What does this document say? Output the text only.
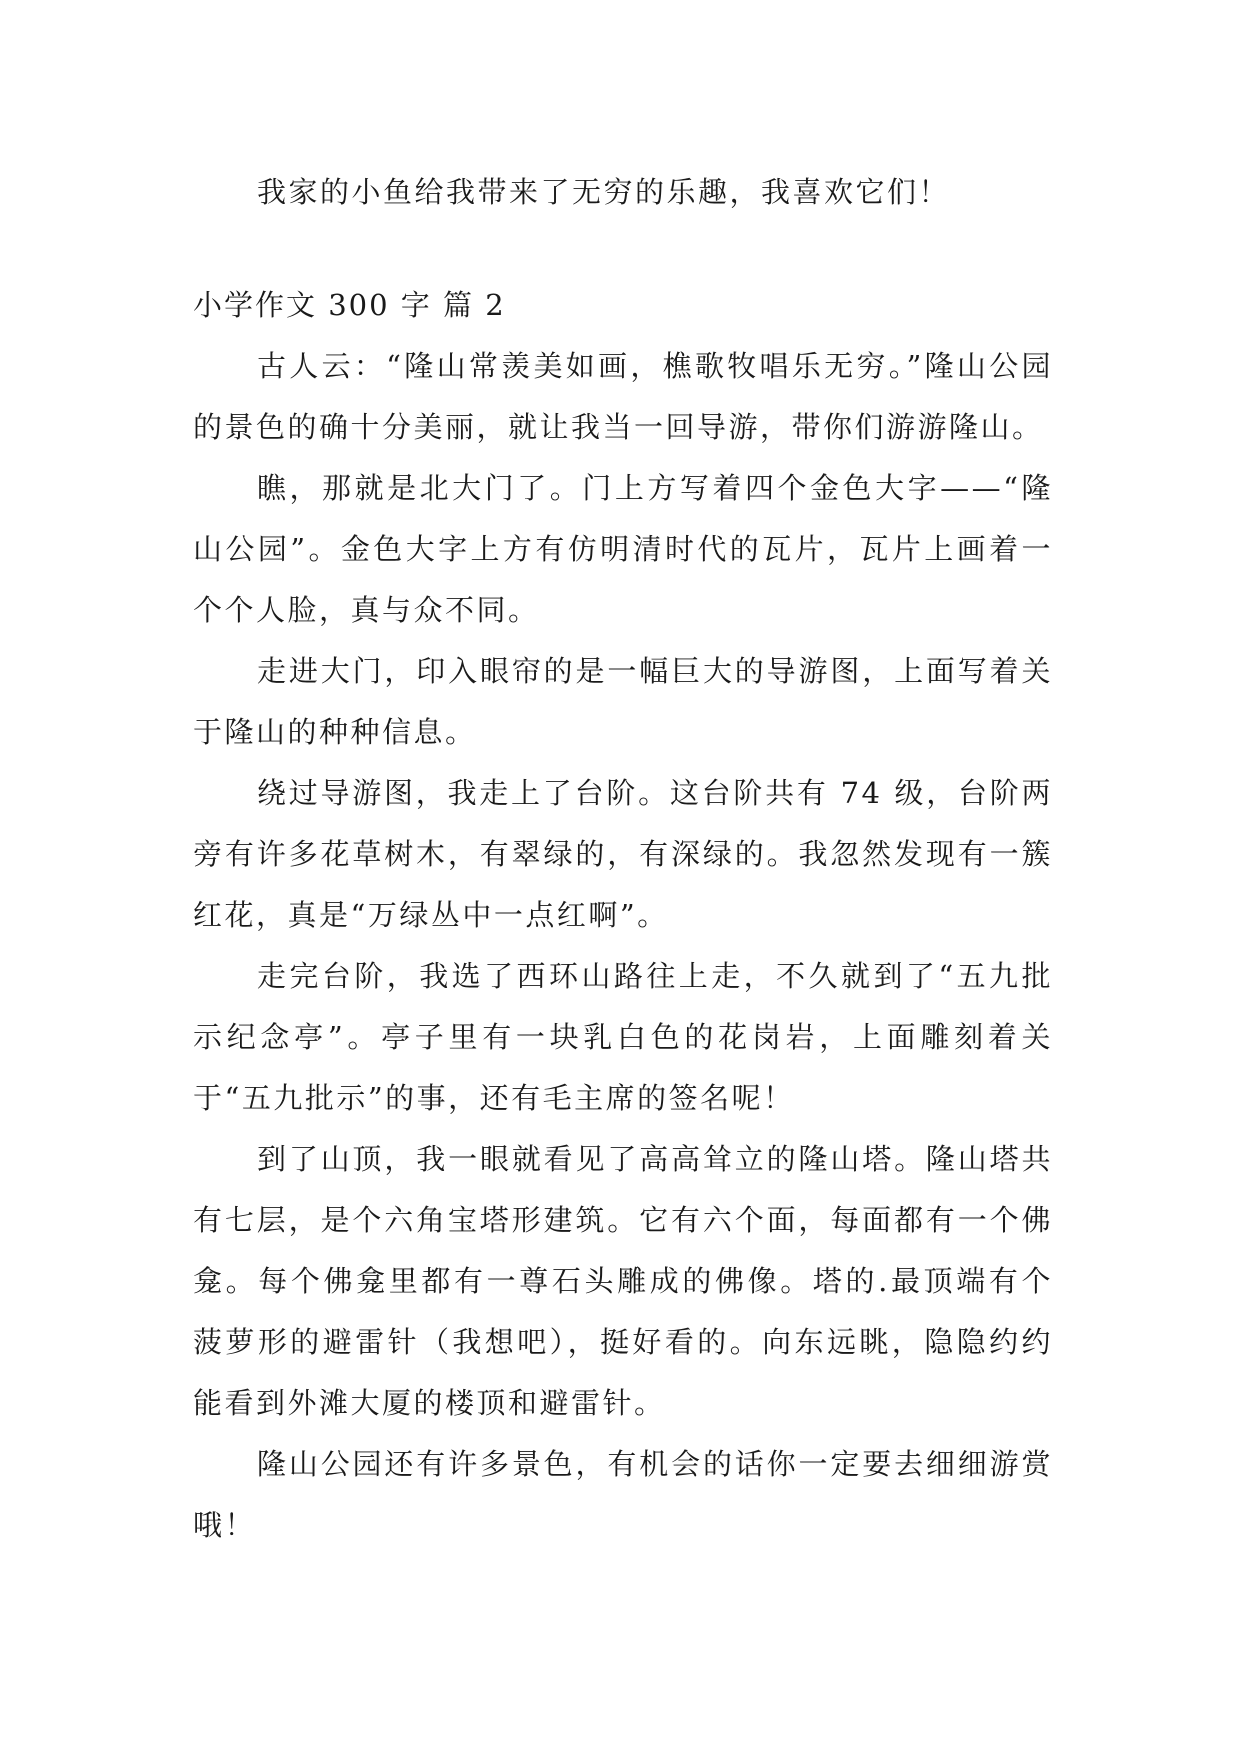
我家的小鱼给我带来了无穷的乐趣，我喜欢它们！

小学作文 300 字 篇 2

古人云：“隆山常羡美如画，樵歌牧唱乐无穷。”隆山公园的景色的确十分美丽，就让我当一回导游，带你们游游隆山。

瞧，那就是北大门了。门上方写着四个金色大字——“隆山公园”。金色大字上方有仿明清时代的瓦片，瓦片上画着一个个人脸，真与众不同。

走进大门，印入眼帘的是一幅巨大的导游图，上面写着关于隆山的种种信息。

绕过导游图，我走上了台阶。这台阶共有 74 级，台阶两旁有许多花草树木，有翠绿的，有深绿的。我忽然发现有一簇红花，真是“万绿丛中一点红啊”。

走完台阶，我选了西环山路往上走，不久就到了“五九批示纪念亭”。亭子里有一块乳白色的花岗岩，上面雕刻着关于“五九批示”的事，还有毛主席的签名呢！

到了山顶，我一眼就看见了高高耸立的隆山塔。隆山塔共有七层，是个六角宝塔形建筑。它有六个面，每面都有一个佛龛。每个佛龛里都有一尊石头雕成的佛像。塔的.最顶端有个菠萝形的避雷针（我想吧），挺好看的。向东远眺，隐隐约约能看到外滩大厦的楼顶和避雷针。

隆山公园还有许多景色，有机会的话你一定要去细细游赏哦！
